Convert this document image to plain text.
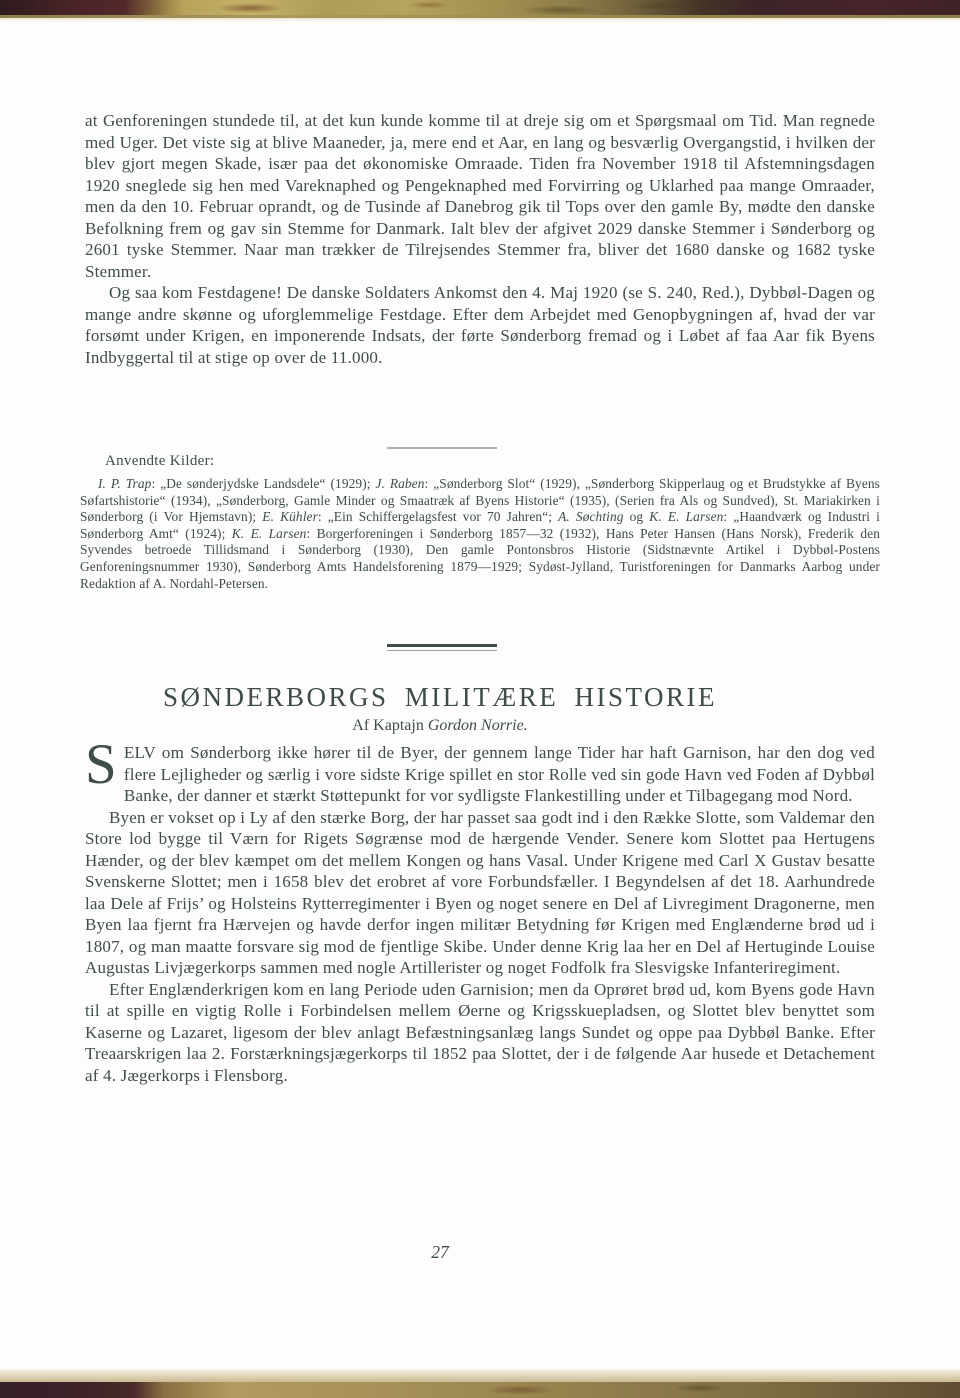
at Genforeningen stundede til, at det kun kunde komme til at dreje sig om et Spørgsmaal om Tid. Man regnede med Uger. Det viste sig at blive Maaneder, ja, mere end et Aar, en lang og besværlig Overgangstid, i hvilken der blev gjort megen Skade, især paa det økonomiske Omraade. Tiden fra November 1918 til Afstemningsdagen 1920 sneglede sig hen med Vareknaphed og Pengeknaphed med Forvirring og Uklarhed paa mange Omraader, men da den 10. Februar oprandt, og de Tusinde af Danebrog gik til Tops over den gamle By, mødte den danske Befolkning frem og gav sin Stemme for Danmark. Ialt blev der afgivet 2029 danske Stemmer i Sønderborg og 2601 tyske Stemmer. Naar man trækker de Tilrejsendes Stemmer fra, bliver det 1680 danske og 1682 tyske Stemmer.

Og saa kom Festdagene! De danske Soldaters Ankomst den 4. Maj 1920 (se S. 240, Red.), Dybbøl-Dagen og mange andre skønne og uforglemmelige Festdage. Efter dem Arbejdet med Genopbygningen af, hvad der var forsømt under Krigen, en imponerende Indsats, der førte Sønderborg fremad og i Løbet af faa Aar fik Byens Indbyggertal til at stige op over de 11.000.

Anvendte Kilder:
I. P. Trap: „De sønderjydske Landsdele“ (1929); J. Raben: „Sønderborg Slot“ (1929), „Sønderborg Skipperlaug og et Brudstykke af Byens Søfartshistorie“ (1934), „Sønderborg, Gamle Minder og Smaatræk af Byens Historie“ (1935), (Serien fra Als og Sundved), St. Mariakirken i Sønderborg (i Vor Hjemstavn); E. Kühler: „Ein Schiffergelagsfest vor 70 Jahren“; A. Søchting og K. E. Larsen: „Haandværk og Industri i Sønderborg Amt“ (1924); K. E. Larsen: Borgerforeningen i Sønderborg 1857—32 (1932), Hans Peter Hansen (Hans Norsk), Frederik den Syvendes betroede Tillidsmand i Sønderborg (1930), Den gamle Pontonsbros Historie (Sidstnævnte Artikel i Dybbøl-Postens Genforeningsnummer 1930), Sønderborg Amts Handelsforening 1879—1929; Sydøst-Jylland, Turistforeningen for Danmarks Aarbog under Redaktion af A. Nordahl-Petersen.
SØNDERBORGS MILITÆRE HISTORIE
Af Kaptajn Gordon Norrie.

SELV om Sønderborg ikke hører til de Byer, der gennem lange Tider har haft Garnison, har den dog ved flere Lejligheder og særlig i vore sidste Krige spillet en stor Rolle ved sin gode Havn ved Foden af Dybbøl Banke, der danner et stærkt Støttepunkt for vor sydligste Flankestilling under et Tilbagegang mod Nord.

Byen er vokset op i Ly af den stærke Borg, der har passet saa godt ind i den Række Slotte, som Valdemar den Store lod bygge til Værn for Rigets Søgrænse mod de hærgende Vender. Senere kom Slottet paa Hertugens Hænder, og der blev kæmpet om det mellem Kongen og hans Vasal. Under Krigene med Carl X Gustav besatte Svenskerne Slottet; men i 1658 blev det erobret af vore Forbundsfæller. I Begyndelsen af det 18. Aarhundrede laa Dele af Frijs’ og Holsteins Rytterregimenter i Byen og noget senere en Del af Livregiment Dragonerne, men Byen laa fjernt fra Hærvejen og havde derfor ingen militær Betydning før Krigen med Englænderne brød ud i 1807, og man maatte forsvare sig mod de fjentlige Skibe. Under denne Krig laa her en Del af Hertuginde Louise Augustas Livjægerkorps sammen med nogle Artillerister og noget Fodfolk fra Slesvigske Infanteriregiment.

Efter Englænderkrigen kom en lang Periode uden Garnision; men da Oprøret brød ud, kom Byens gode Havn til at spille en vigtig Rolle i Forbindelsen mellem Øerne og Krigsskuepladsen, og Slottet blev benyttet som Kaserne og Lazaret, ligesom der blev anlagt Befæstningsanlæg langs Sundet og oppe paa Dybbøl Banke. Efter Treaarskrigen laa 2. Forstærkningsjægerkorps til 1852 paa Slottet, der i de følgende Aar husede et Detachement af 4. Jægerkorps i Flensborg.

27
